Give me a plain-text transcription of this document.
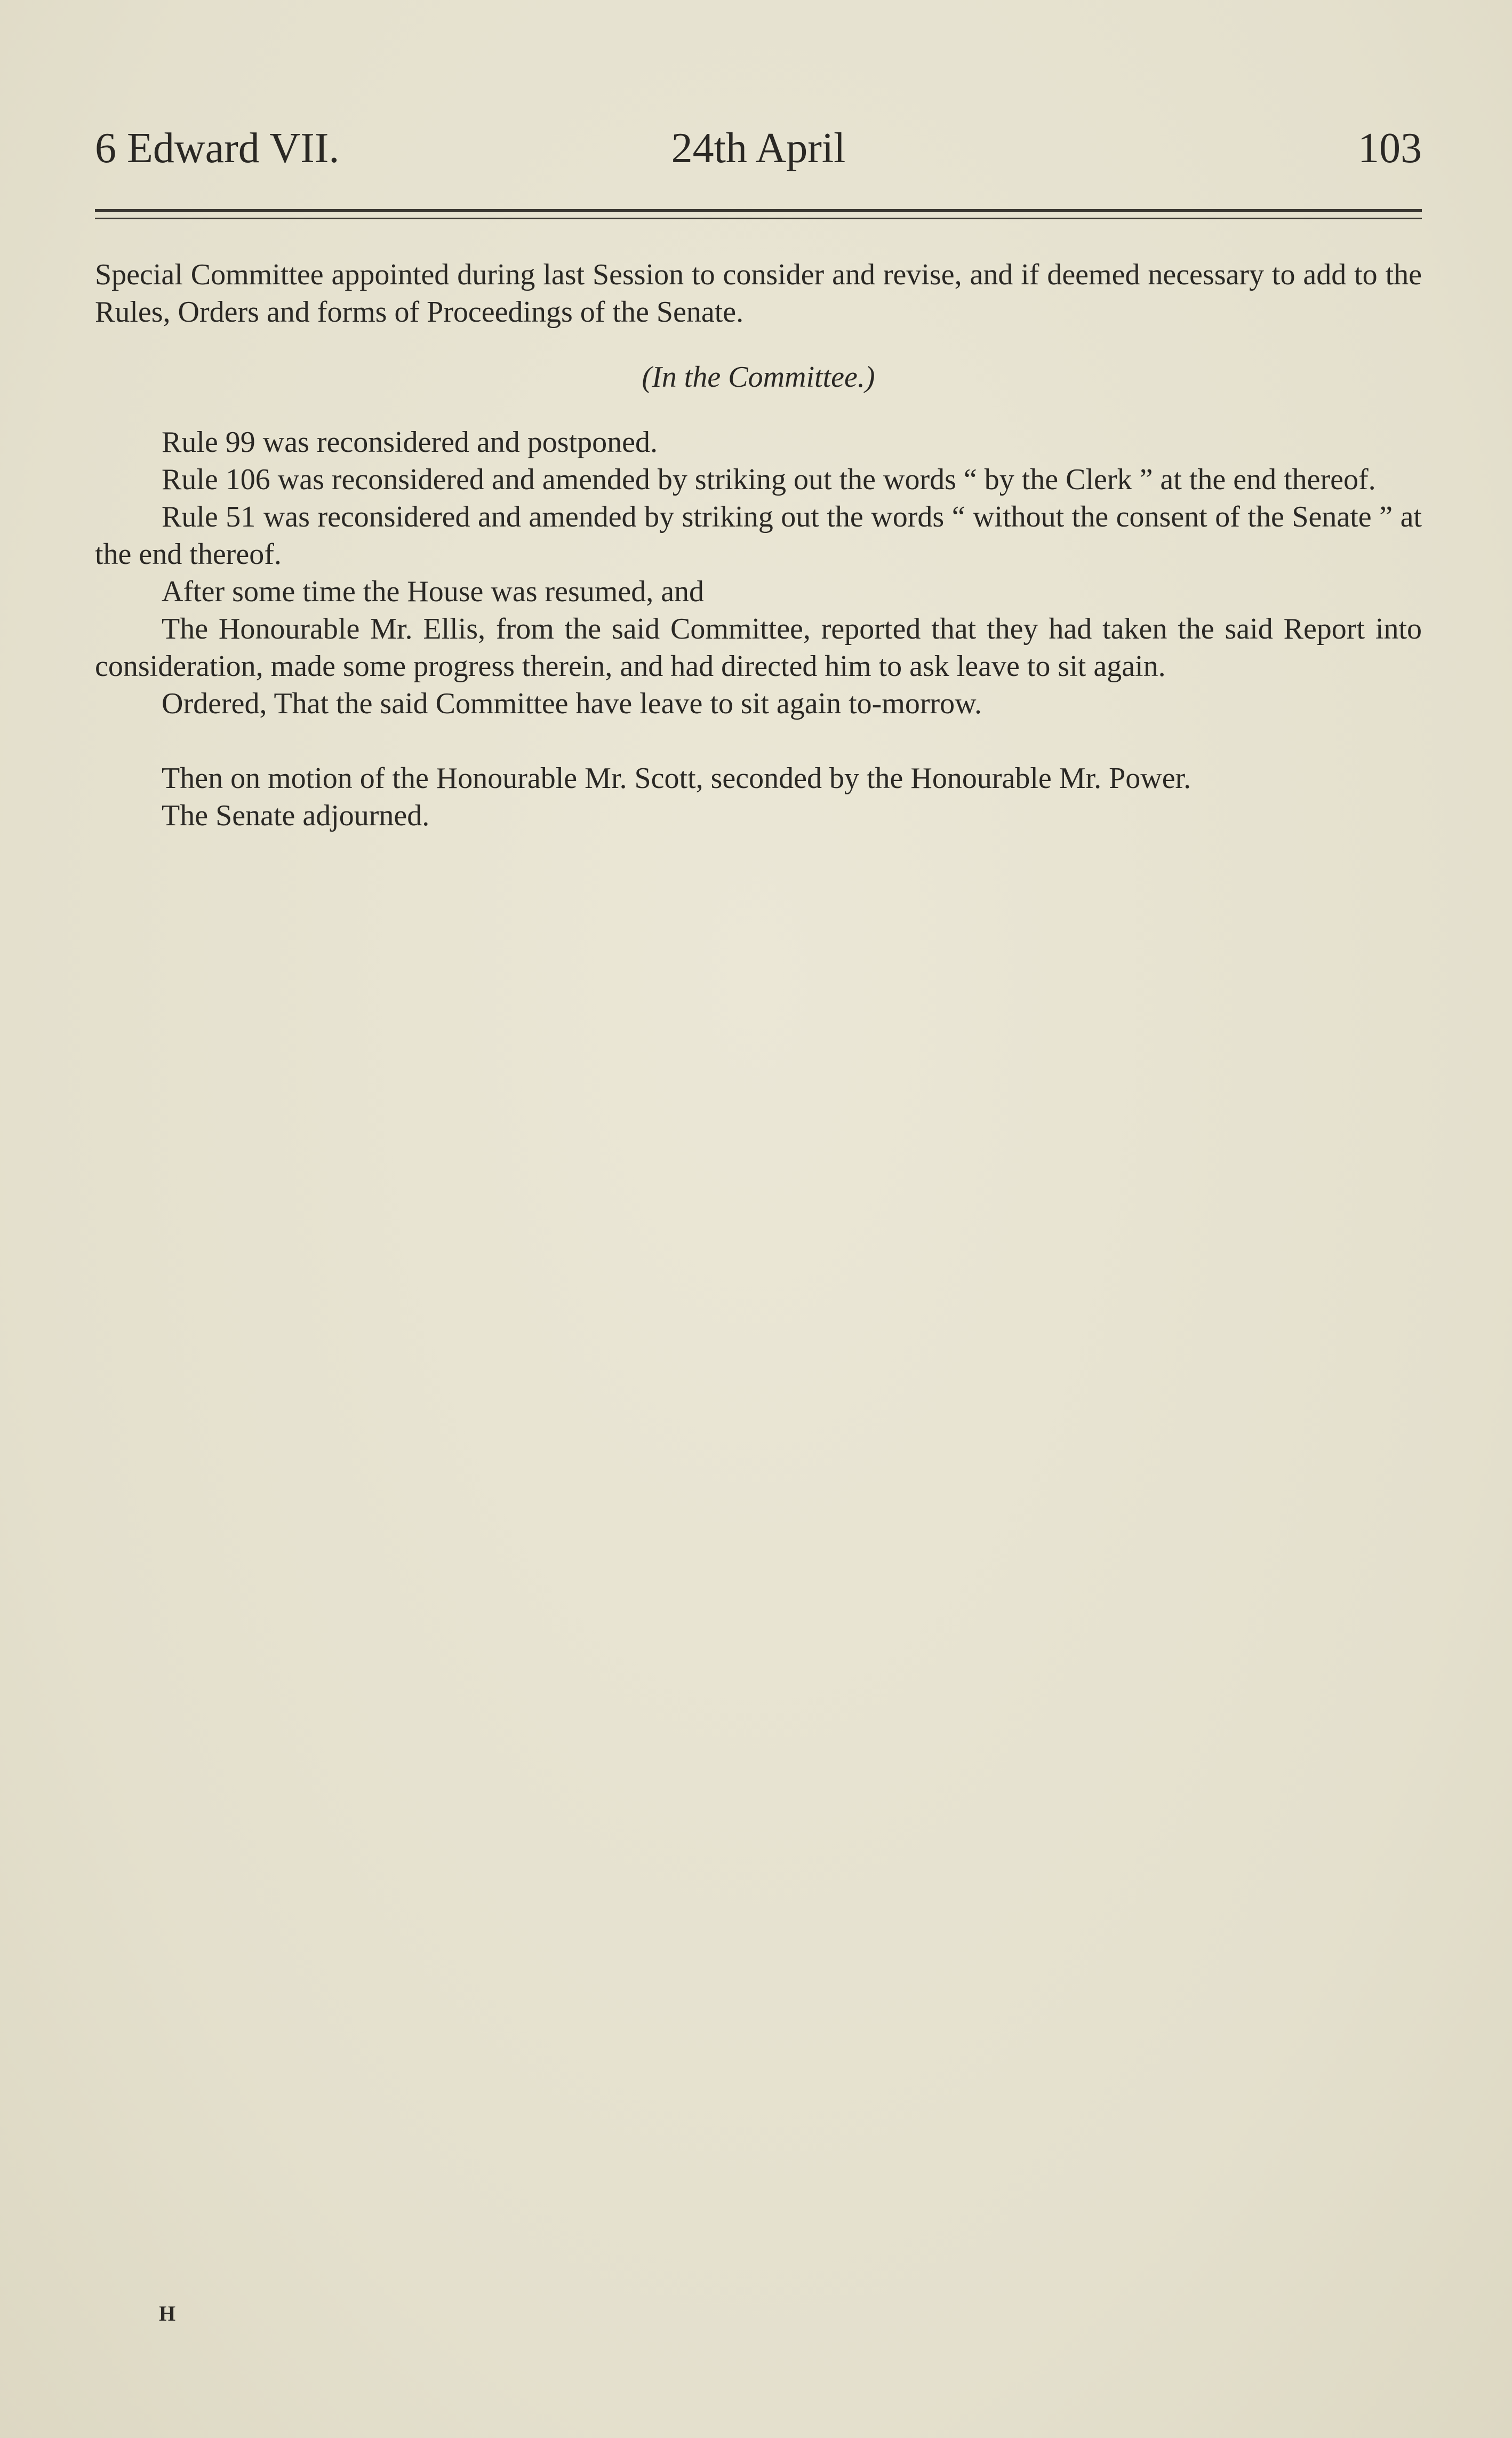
6 Edward VII.	24th April	103

Special Committee appointed during last Session to consider and revise, and if deemed necessary to add to the Rules, Orders and forms of Proceedings of the Senate.

(In the Committee.)

Rule 99 was reconsidered and postponed.

Rule 106 was reconsidered and amended by striking out the words “ by the Clerk ” at the end thereof.

Rule 51 was reconsidered and amended by striking out the words “ without the consent of the Senate ” at the end thereof.

After some time the House was resumed, and

The Honourable Mr. Ellis, from the said Committee, reported that they had taken the said Report into consideration, made some progress therein, and had directed him to ask leave to sit again.

Ordered, That the said Committee have leave to sit again to-morrow.

Then on motion of the Honourable Mr. Scott, seconded by the Honourable Mr. Power.

The Senate adjourned.

H
